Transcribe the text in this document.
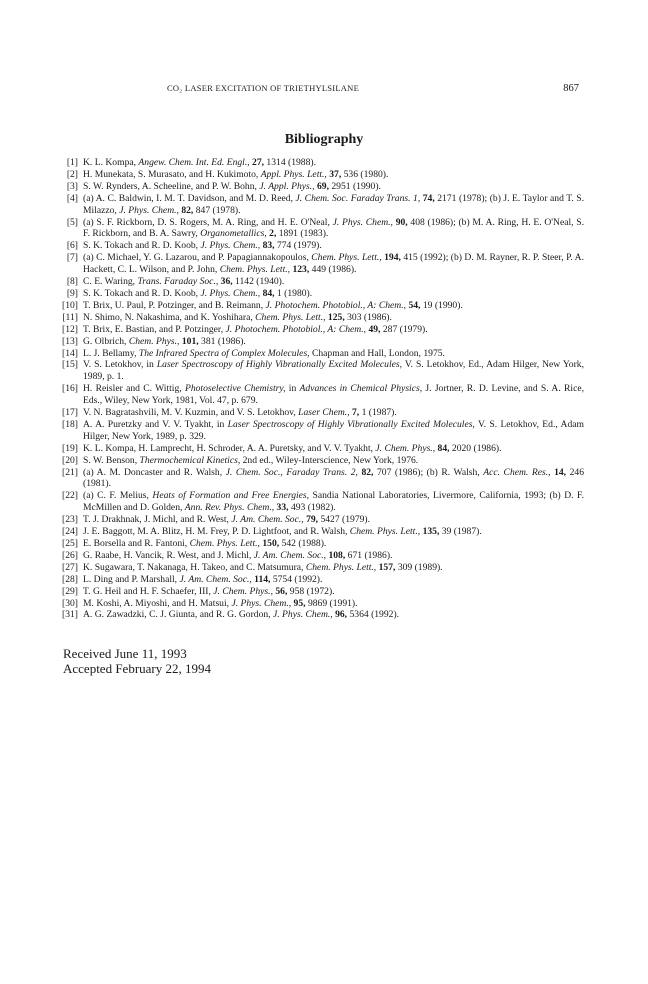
CO₂ LASER EXCITATION OF TRIETHYLSILANE	867
Bibliography
[1] K. L. Kompa, Angew. Chem. Int. Ed. Engl., 27, 1314 (1988).
[2] H. Munekata, S. Murasato, and H. Kukimoto, Appl. Phys. Lett., 37, 536 (1980).
[3] S. W. Rynders, A. Scheeline, and P. W. Bohn, J. Appl. Phys., 69, 2951 (1990).
[4] (a) A. C. Baldwin, I. M. T. Davidson, and M. D. Reed, J. Chem. Soc. Faraday Trans. 1, 74, 2171 (1978); (b) J. E. Taylor and T. S. Milazzo, J. Phys. Chem., 82, 847 (1978).
[5] (a) S. F. Rickborn, D. S. Rogers, M. A. Ring, and H. E. O'Neal, J. Phys. Chem., 90, 408 (1986); (b) M. A. Ring, H. E. O'Neal, S. F. Rickborn, and B. A. Sawry, Organometallics, 2, 1891 (1983).
[6] S. K. Tokach and R. D. Koob, J. Phys. Chem., 83, 774 (1979).
[7] (a) C. Michael, Y. G. Lazarou, and P. Papagiannakopoulos, Chem. Phys. Lett., 194, 415 (1992); (b) D. M. Rayner, R. P. Steer, P. A. Hackett, C. L. Wilson, and P. John, Chem. Phys. Lett., 123, 449 (1986).
[8] C. E. Waring, Trans. Faraday Soc., 36, 1142 (1940).
[9] S. K. Tokach and R. D. Koob, J. Phys. Chem., 84, 1 (1980).
[10] T. Brix, U. Paul, P. Potzinger, and B. Reimann, J. Photochem. Photobiol., A: Chem., 54, 19 (1990).
[11] N. Shimo, N. Nakashima, and K. Yoshihara, Chem. Phys. Lett., 125, 303 (1986).
[12] T. Brix, E. Bastian, and P. Potzinger, J. Photochem. Photobiol., A: Chem., 49, 287 (1979).
[13] G. Olbrich, Chem. Phys., 101, 381 (1986).
[14] L. J. Bellamy, The Infrared Spectra of Complex Molecules, Chapman and Hall, London, 1975.
[15] V. S. Letokhov, in Laser Spectroscopy of Highly Vibrationally Excited Molecules, V. S. Letokhov, Ed., Adam Hilger, New York, 1989, p. 1.
[16] H. Reisler and C. Wittig, Photoselective Chemistry, in Advances in Chemical Physics, J. Jortner, R. D. Levine, and S. A. Rice, Eds., Wiley, New York, 1981, Vol. 47, p. 679.
[17] V. N. Bagratashvili, M. V. Kuzmin, and V. S. Letokhov, Laser Chem., 7, 1 (1987).
[18] A. A. Puretzky and V. V. Tyakht, in Laser Spectroscopy of Highly Vibrationally Excited Molecules, V. S. Letokhov, Ed., Adam Hilger, New York, 1989, p. 329.
[19] K. L. Kompa, H. Lamprecht, H. Schroder, A. A. Puretsky, and V. V. Tyakht, J. Chem. Phys., 84, 2020 (1986).
[20] S. W. Benson, Thermochemical Kinetics, 2nd ed., Wiley-Interscience, New York, 1976.
[21] (a) A. M. Doncaster and R. Walsh, J. Chem. Soc., Faraday Trans. 2, 82, 707 (1986); (b) R. Walsh, Acc. Chem. Res., 14, 246 (1981).
[22] (a) C. F. Melius, Heats of Formation and Free Energies, Sandia National Laboratories, Livermore, California, 1993; (b) D. F. McMillen and D. Golden, Ann. Rev. Phys. Chem., 33, 493 (1982).
[23] T. J. Drakhnak, J. Michl, and R. West, J. Am. Chem. Soc., 79, 5427 (1979).
[24] J. E. Baggott, M. A. Blitz, H. M. Frey, P. D. Lightfoot, and R. Walsh, Chem. Phys. Lett., 135, 39 (1987).
[25] E. Borsella and R. Fantoni, Chem. Phys. Lett., 150, 542 (1988).
[26] G. Raabe, H. Vancik, R. West, and J. Michl, J. Am. Chem. Soc., 108, 671 (1986).
[27] K. Sugawara, T. Nakanaga, H. Takeo, and C. Matsumura, Chem. Phys. Lett., 157, 309 (1989).
[28] L. Ding and P. Marshall, J. Am. Chem. Soc., 114, 5754 (1992).
[29] T. G. Heil and H. F. Schaefer, III, J. Chem. Phys., 56, 958 (1972).
[30] M. Koshi, A. Miyoshi, and H. Matsui, J. Phys. Chem., 95, 9869 (1991).
[31] A. G. Zawadzki, C. J. Giunta, and R. G. Gordon, J. Phys. Chem., 96, 5364 (1992).
Received June 11, 1993
Accepted February 22, 1994
